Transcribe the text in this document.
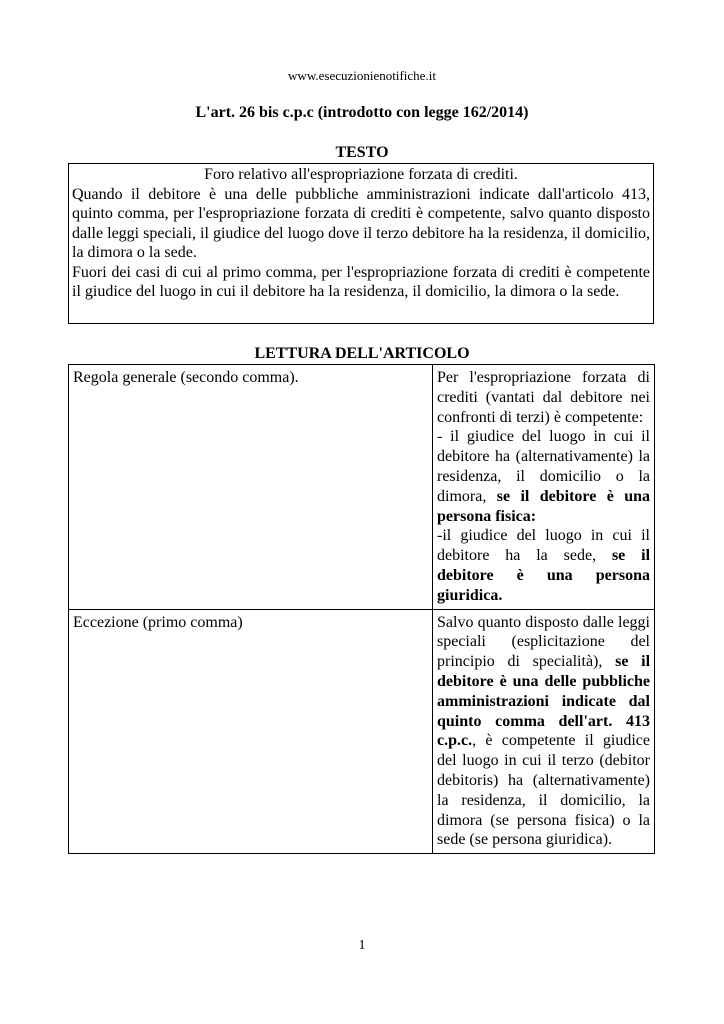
www.esecuzionienotifiche.it
L'art. 26 bis c.p.c (introdotto con legge 162/2014)
TESTO

Foro relativo all'espropriazione forzata di crediti.

Quando il debitore è una delle pubbliche amministrazioni indicate dall'articolo 413, quinto comma, per l'espropriazione forzata di crediti è competente, salvo quanto disposto dalle leggi speciali, il giudice del luogo dove il terzo debitore ha la residenza, il domicilio, la dimora o la sede.

Fuori dei casi di cui al primo comma, per l'espropriazione forzata di crediti è competente il giudice del luogo in cui il debitore ha la residenza, il domicilio, la dimora o la sede.

LETTURA DELL'ARTICOLO
Regola generale (secondo comma).	Per l'espropriazione forzata di crediti (vantati dal debitore nei confronti di terzi) è competente:
- il giudice del luogo in cui il debitore ha (alternativamente) la residenza, il domicilio o la dimora, se il debitore è una persona fisica:
-il giudice del luogo in cui il debitore ha la sede, se il debitore è una persona giuridica.
Eccezione (primo comma)	Salvo quanto disposto dalle leggi speciali (esplicitazione del principio di specialità), se il debitore è una delle pubbliche amministrazioni indicate dal quinto comma dell'art. 413 c.p.c., è competente il giudice del luogo in cui il terzo (debitor debitoris) ha (alternativamente) la residenza, il domicilio, la dimora (se persona fisica) o la sede (se persona giuridica).
1
